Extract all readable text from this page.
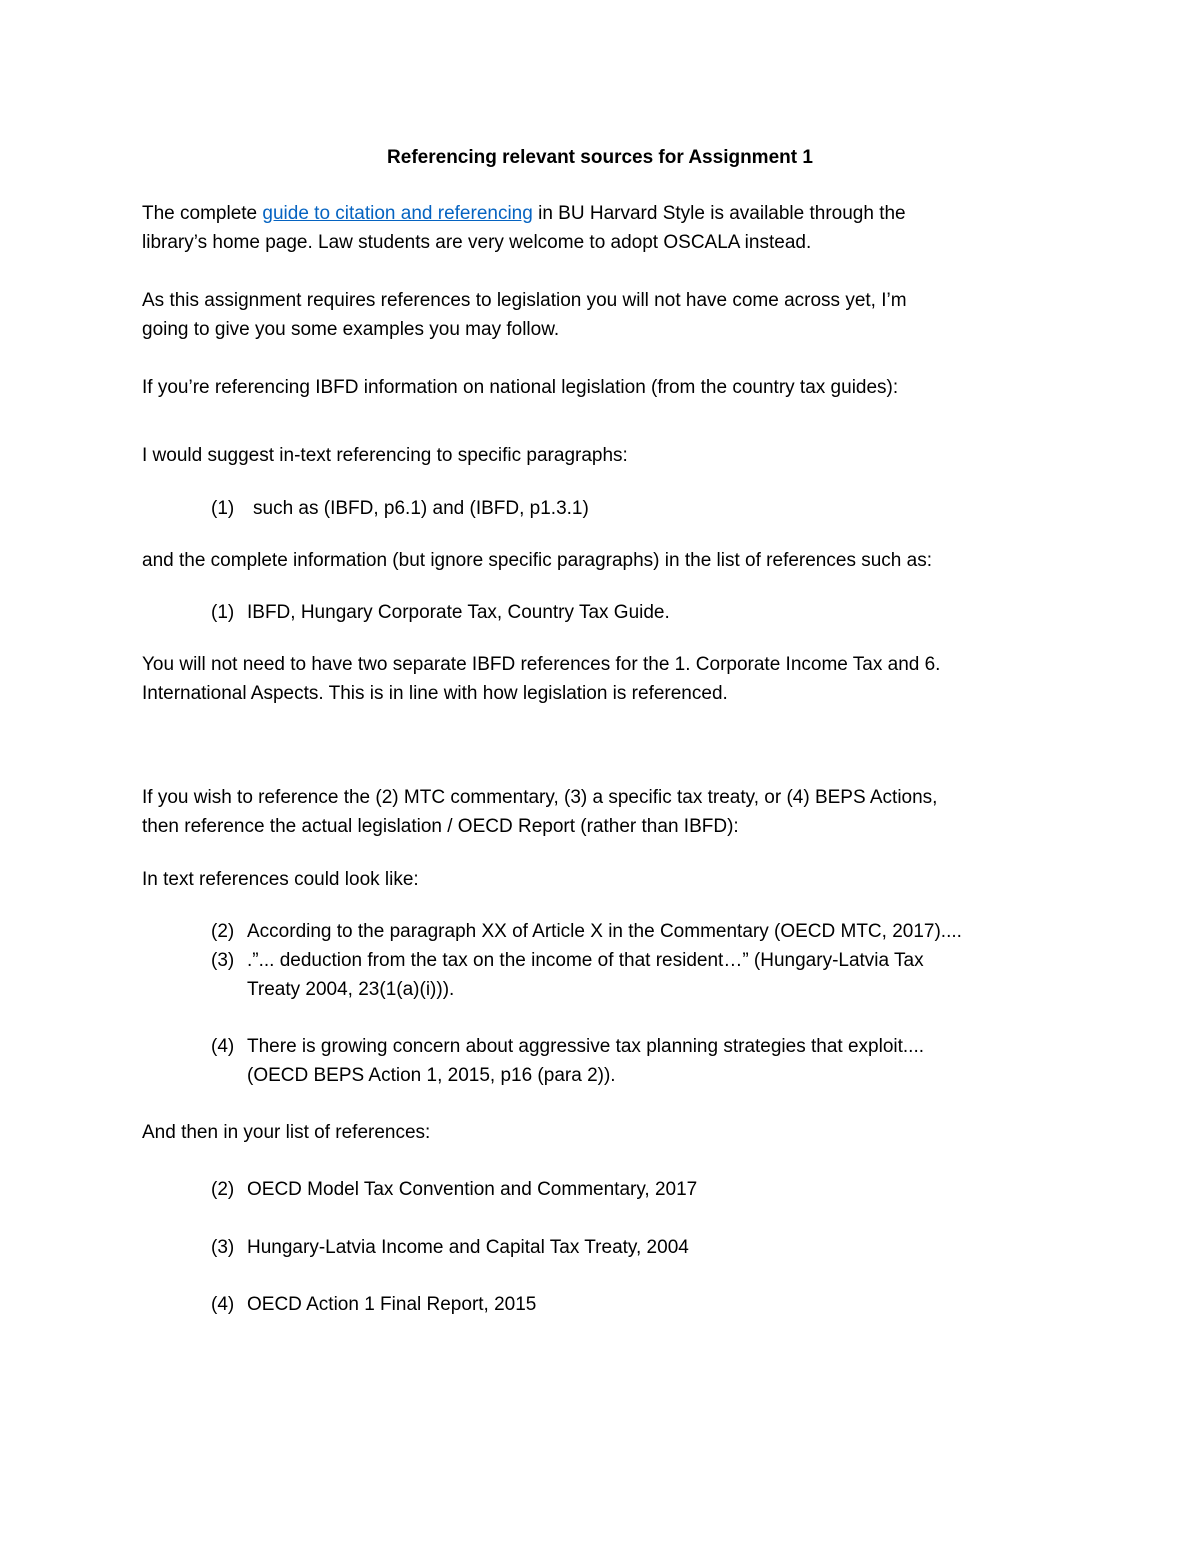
Referencing relevant sources for Assignment 1
The complete guide to citation and referencing in BU Harvard Style is available through the
library’s home page. Law students are very welcome to adopt OSCALA instead.
As this assignment requires references to legislation you will not have come across yet, I’m
going to give you some examples you may follow.
If you’re referencing IBFD information on national legislation (from the country tax guides):
I would suggest in-text referencing to specific paragraphs:
(1) such as (IBFD, p6.1) and (IBFD, p1.3.1)
and the complete information (but ignore specific paragraphs) in the list of references such as:
(1) IBFD, Hungary Corporate Tax, Country Tax Guide.
You will not need to have two separate IBFD references for the 1. Corporate Income Tax and 6.
International Aspects. This is in line with how legislation is referenced.
If you wish to reference the (2) MTC commentary, (3) a specific tax treaty, or (4) BEPS Actions,
then reference the actual legislation / OECD Report (rather than IBFD):
In text references could look like:
(2) According to the paragraph XX of Article X in the Commentary (OECD MTC, 2017)....
(3) .”... deduction from the tax on the income of that resident…” (Hungary-Latvia Tax
Treaty 2004, 23(1(a)(i))).
(4) There is growing concern about aggressive tax planning strategies that exploit....
(OECD BEPS Action 1, 2015, p16 (para 2)).
And then in your list of references:
(2) OECD Model Tax Convention and Commentary, 2017
(3) Hungary-Latvia Income and Capital Tax Treaty, 2004
(4) OECD Action 1 Final Report, 2015
